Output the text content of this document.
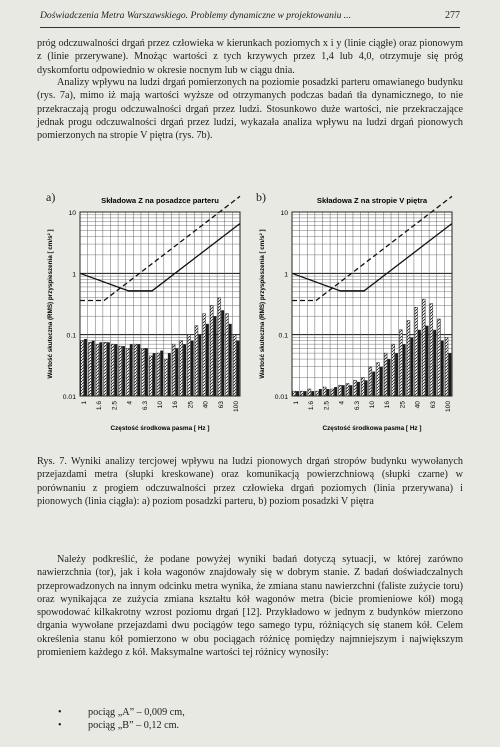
Doświadczenia Metra Warszawskiego. Problemy dynamiczne w projektowaniu ...	277

próg odczuwalności drgań przez człowieka w kierunkach poziomych x i y (linie ciągłe) oraz pionowym z (linie przerywane). Mnożąc wartości z tych krzywych przez 1,4 lub 4,0, otrzymuje się próg dyskomfortu odpowiednio w okresie nocnym lub w ciągu dnia.

Analizy wpływu na ludzi drgań pomierzonych na poziomie posadzki parteru omawianego budynku (rys. 7a), mimo iż mają wartości wyższe od otrzymanych podczas badań tła dynamicznego, to nie przekraczają progu odczuwalności drgań przez ludzi. Stosunkowo duże wartości, nie przekraczające jednak progu odczuwalności drgań przez ludzi, wykazała analiza wpływu na ludzi drgań pionowych pomierzonych na stropie V piętra (rys. 7b).

a)	b)
Składowa Z na posadzce parteru
10
1
0.1
0.01
1 1.6 2.5 4 6.3 10 16 25 40 63 100
Częstość środkowa pasma [ Hz ]
Wartość skuteczna (RMS) przyspieszenia [ cm/s² ]
Składowa Z na stropie V piętra
10
1
0.1
0.01
1 1.6 2.5 4 6.3 10 16 25 40 63 100
Częstość środkowa pasma [ Hz ]
Wartość skuteczna (RMS) przyspieszenia [ cm/s² ]

Rys. 7. Wyniki analizy tercjowej wpływu na ludzi pionowych drgań stropów budynku wywołanych przejazdami metra (słupki kreskowane) oraz komunikacją powierzchniową (słupki czarne) w porównaniu z progiem odczuwalności przez człowieka drgań poziomych (linia przerywana) i pionowych (linia ciągła): a) poziom posadzki parteru, b) poziom posadzki V piętra

Należy podkreślić, że podane powyżej wyniki badań dotyczą sytuacji, w której zarówno nawierzchnia (tor), jak i koła wagonów znajdowały się w dobrym stanie. Z badań doświadczalnych przeprowadzonych na innym odcinku metra wynika, że zmiana stanu nawierzchni (faliste zużycie toru) oraz wynikająca ze zużycia zmiana kształtu kół wagonów metra (bicie promieniowe kół) mogą spowodować kilkakrotny wzrost poziomu drgań [12]. Przykładowo w jednym z budynków mierzono drgania wywołane przejazdami dwu pociągów tego samego typu, różniących się stanem kół. Celem określenia stanu kół pomierzono w obu pociągach różnicę pomiędzy najmniejszym i największym promieniem każdego z kół. Maksymalne wartości tej różnicy wynosiły:

• pociąg „A” – 0,009 cm,
• pociąg „B” – 0,12 cm.
